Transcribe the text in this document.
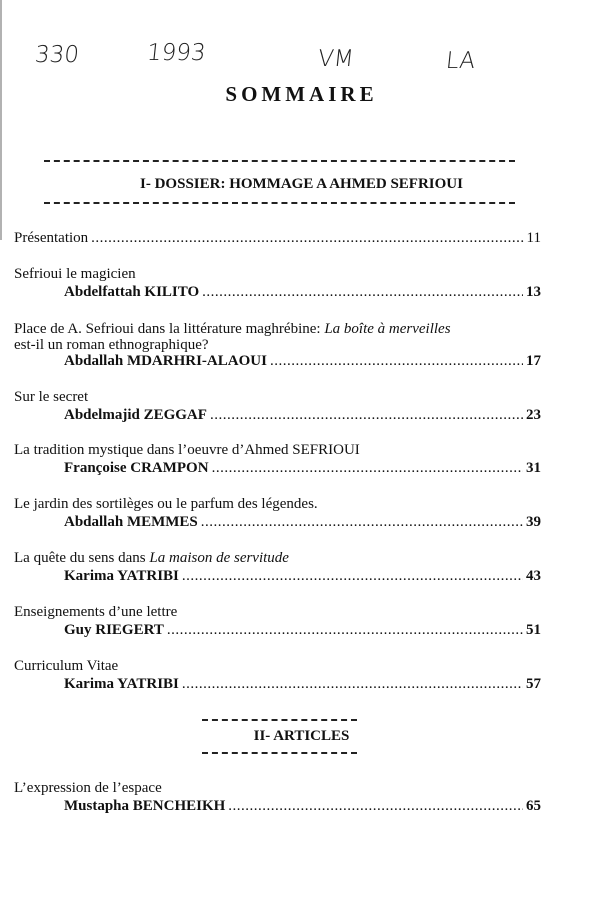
330	1993	VM	LA
SOMMAIRE
I- DOSSIER: HOMMAGE A AHMED SEFRIOUI
Présentation .....	11
Sefrioui le magicien
Abdelfattah KILITO .....	13
Place de A. Sefrioui dans la littérature maghrébine: La boîte à merveilles
est-il un roman ethnographique?
Abdallah MDARHRI-ALAOUI .....	17
Sur le secret
Abdelmajid ZEGGAF .....	23
La tradition mystique dans l’oeuvre d’Ahmed SEFRIOUI
Françoise CRAMPON .....	31
Le jardin des sortilèges ou le parfum des légendes.
Abdallah MEMMES .....	39
La quête du sens dans La maison de servitude
Karima YATRIBI .....	43
Enseignements d’une lettre
Guy RIEGERT .....	51
Curriculum Vitae
Karima YATRIBI .....	57
II- ARTICLES
L’expression de l’espace
Mustapha BENCHEIKH .....	65
